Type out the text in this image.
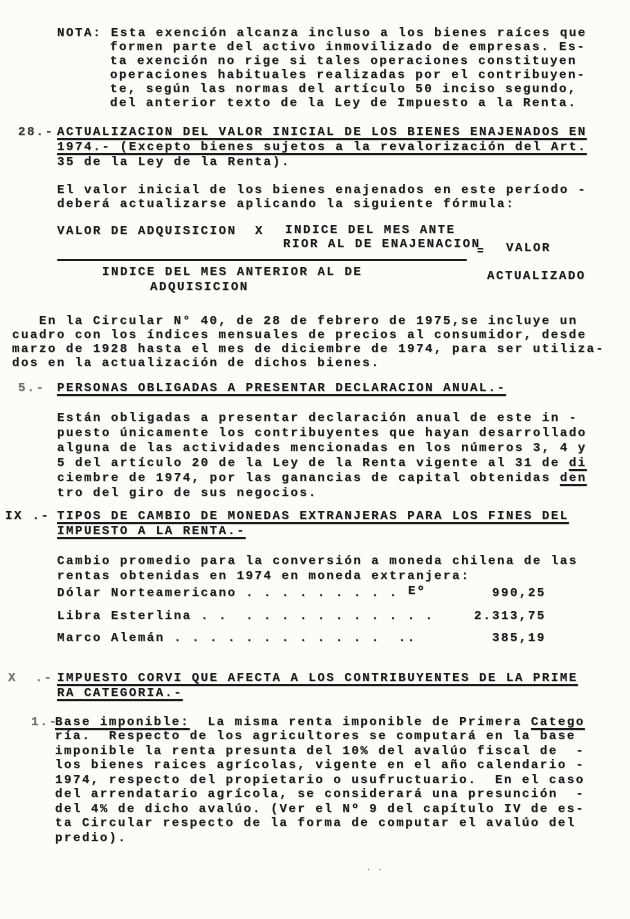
NOTA: Esta exención alcanza incluso a los bienes raíces que
formen parte del activo inmovilizado de empresas. Es-
ta exención no rige si tales operaciones constituyen
operaciones habituales realizadas por el contribuyen-
te, según las normas del artículo 50 inciso segundo,
del anterior texto de la Ley de Impuesto a la Renta.
28.- ACTUALIZACION DEL VALOR INICIAL DE LOS BIENES ENAJENADOS EN
1974.- (Excepto bienes sujetos a la revalorización del Art.
35 de la Ley de la Renta).
El valor inicial de los bienes enajenados en este período -
deberá actualizarse aplicando la siguiente fórmula:
VALOR DE ADQUISICION X INDICE DEL MES ANTE
RIOR AL DE ENAJENACION
= VALOR
INDICE DEL MES ANTERIOR AL DE	ACTUALIZADO
ADQUISICION
En la Circular N° 40, de 28 de febrero de 1975,se incluye un
cuadro con los índices mensuales de precios al consumidor, desde
marzo de 1928 hasta el mes de diciembre de 1974, para ser utiliza-
dos en la actualización de dichos bienes.
5.- PERSONAS OBLIGADAS A PRESENTAR DECLARACION ANUAL.-
Están obligadas a presentar declaración anual de este in -
puesto únicamente los contribuyentes que hayan desarrollado
alguna de las actividades mencionadas en los números 3, 4 y
5 del artículo 20 de la Ley de la Renta vigente al 31 de di
ciembre de 1974, por las ganancias de capital obtenidas den
tro del giro de sus negocios.
IX .- TIPOS DE CAMBIO DE MONEDAS EXTRANJERAS PARA LOS FINES DEL
IMPUESTO A LA RENTA.-
Cambio promedio para la conversión a moneda chilena de las
rentas obtenidas en 1974 en moneda extranjera:
Dólar Norteamericano . . . . . . . . . Eº	990,25
Libra Esterlina . .  . . . . . . . . . . .	2.313,75
Marco Alemán . . . . . . . . . . . .  ..	385,19
X  .- IMPUESTO CORVI QUE AFECTA A LOS CONTRIBUYENTES DE LA PRIME
RA CATEGORIA.-
1.-
Base imponible:  La misma renta imponible de Primera Catego
ría.  Respecto de los agricultores se computará en la base
imponible la renta presunta del 10% del avalúo fiscal de  -
los bienes raices agrícolas, vigente en el año calendario -
1974, respecto del propietario o usufructuario.  En el caso
del arrendatario agrícola, se considerará una presunción  -
del 4% de dicho avalúo. (Ver el Nº 9 del capítulo IV de es-
ta Circular respecto de la forma de computar el avalúo del
predio).
. .
